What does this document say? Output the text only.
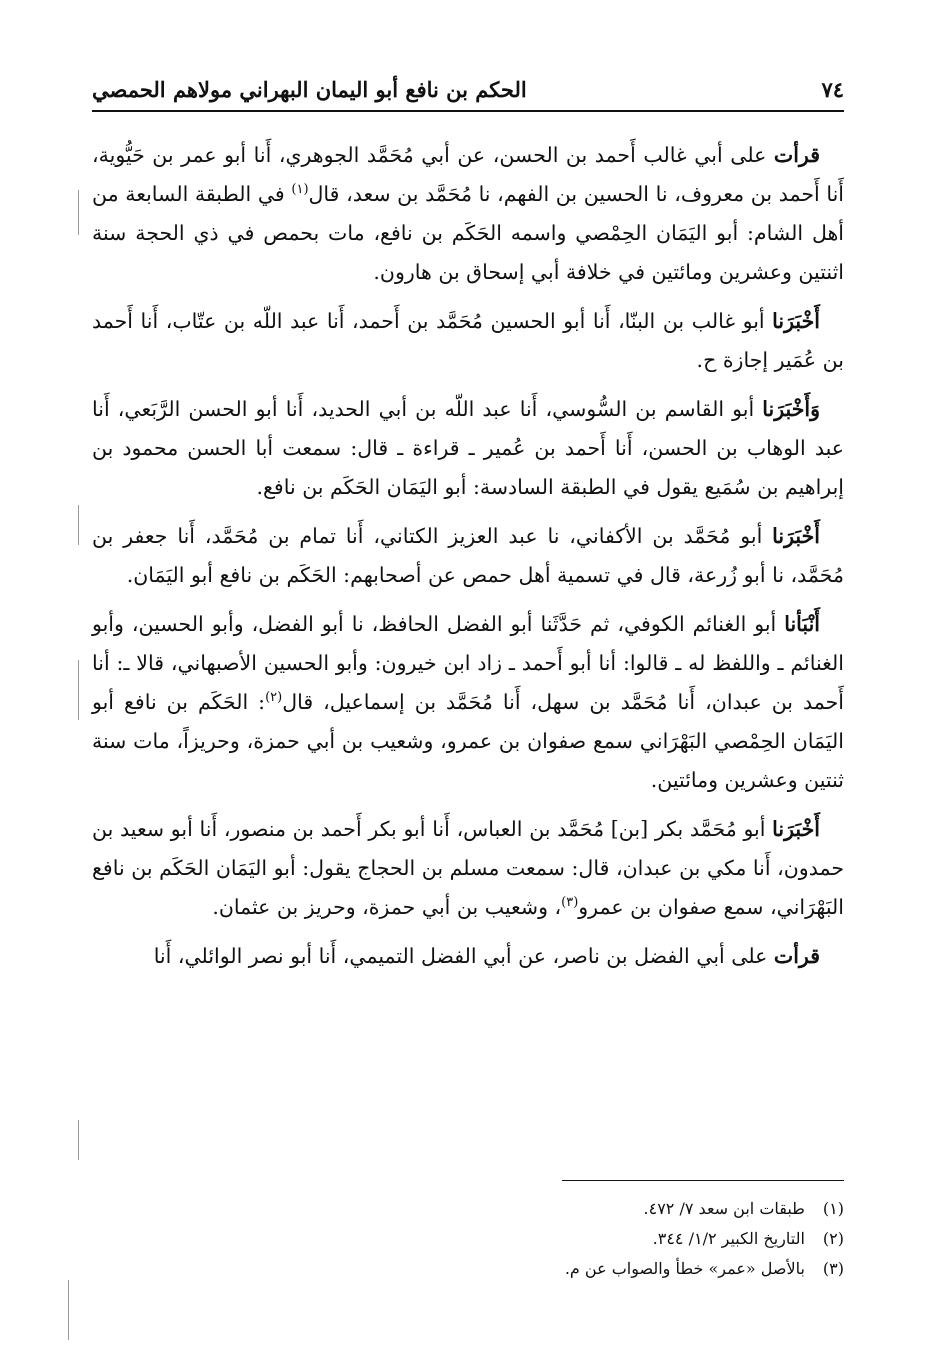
٧٤
الحكم بن نافع أبو اليمان البهراني مولاهم الحمصي

قرأت على أبي غالب أَحمد بن الحسن، عن أبي مُحَمَّد الجوهري، أَنا أبو عمر بن حَيُّوية، أَنا أَحمد بن معروف، نا الحسين بن الفهم، نا مُحَمَّد بن سعد، قال$^{(١)}$ في الطبقة السابعة من أهل الشام: أبو اليَمَان الحِمْصي واسمه الحَكَم بن نافع، مات بحمص في ذي الحجة سنة اثنتين وعشرين ومائتين في خلافة أبي إسحاق بن هارون.

أَخْبَرَنا أبو غالب بن البنّا، أَنا أبو الحسين مُحَمَّد بن أَحمد، أَنا عبد اللّه بن عتّاب، أَنا أَحمد بن عُمَير إجازة ح.

وَأَخْبَرَنا أبو القاسم بن السُّوسي، أَنا عبد اللّه بن أبي الحديد، أَنا أبو الحسن الرَّبَعي، أَنا عبد الوهاب بن الحسن، أَنا أَحمد بن عُمير ـ قراءة ـ قال: سمعت أبا الحسن محمود بن إبراهيم بن سُمَيع يقول في الطبقة السادسة: أبو اليَمَان الحَكَم بن نافع.

أَخْبَرَنا أبو مُحَمَّد بن الأكفاني، نا عبد العزيز الكتاني، أَنا تمام بن مُحَمَّد، أَنا جعفر بن مُحَمَّد، نا أبو زُرعة، قال في تسمية أهل حمص عن أصحابهم: الحَكَم بن نافع أبو اليَمَان.

أَنْبَأنا أبو الغنائم الكوفي، ثم حَدَّثَنا أبو الفضل الحافظ، نا أبو الفضل، وأبو الحسين، وأبو الغنائم ـ واللفظ له ـ قالوا: أنا أبو أَحمد ـ زاد ابن خيرون: وأبو الحسين الأصبهاني، قالا ـ: أنا أَحمد بن عبدان، أَنا مُحَمَّد بن سهل، أَنا مُحَمَّد بن إسماعيل، قال$^{(٢)}$: الحَكَم بن نافع أبو اليَمَان الحِمْصي البَهْرَاني سمع صفوان بن عمرو، وشعيب بن أبي حمزة، وحريزاً، مات سنة ثنتين وعشرين ومائتين.

أَخْبَرَنا أبو مُحَمَّد بكر [بن] مُحَمَّد بن العباس، أَنا أبو بكر أَحمد بن منصور، أَنا أبو سعيد بن حمدون، أَنا مكي بن عبدان، قال: سمعت مسلم بن الحجاج يقول: أبو اليَمَان الحَكَم بن نافع البَهْرَاني، سمع صفوان بن عمرو$^{(٣)}$، وشعيب بن أبي حمزة، وحريز بن عثمان.

قرأت على أبي الفضل بن ناصر، عن أبي الفضل التميمي، أَنا أبو نصر الوائلي، أَنا

(١) طبقات ابن سعد ٧/ ٤٧٢.

(٢) التاريخ الكبير ١/٢/ ٣٤٤.

(٣) بالأصل «عمر» خطأ والصواب عن م.
